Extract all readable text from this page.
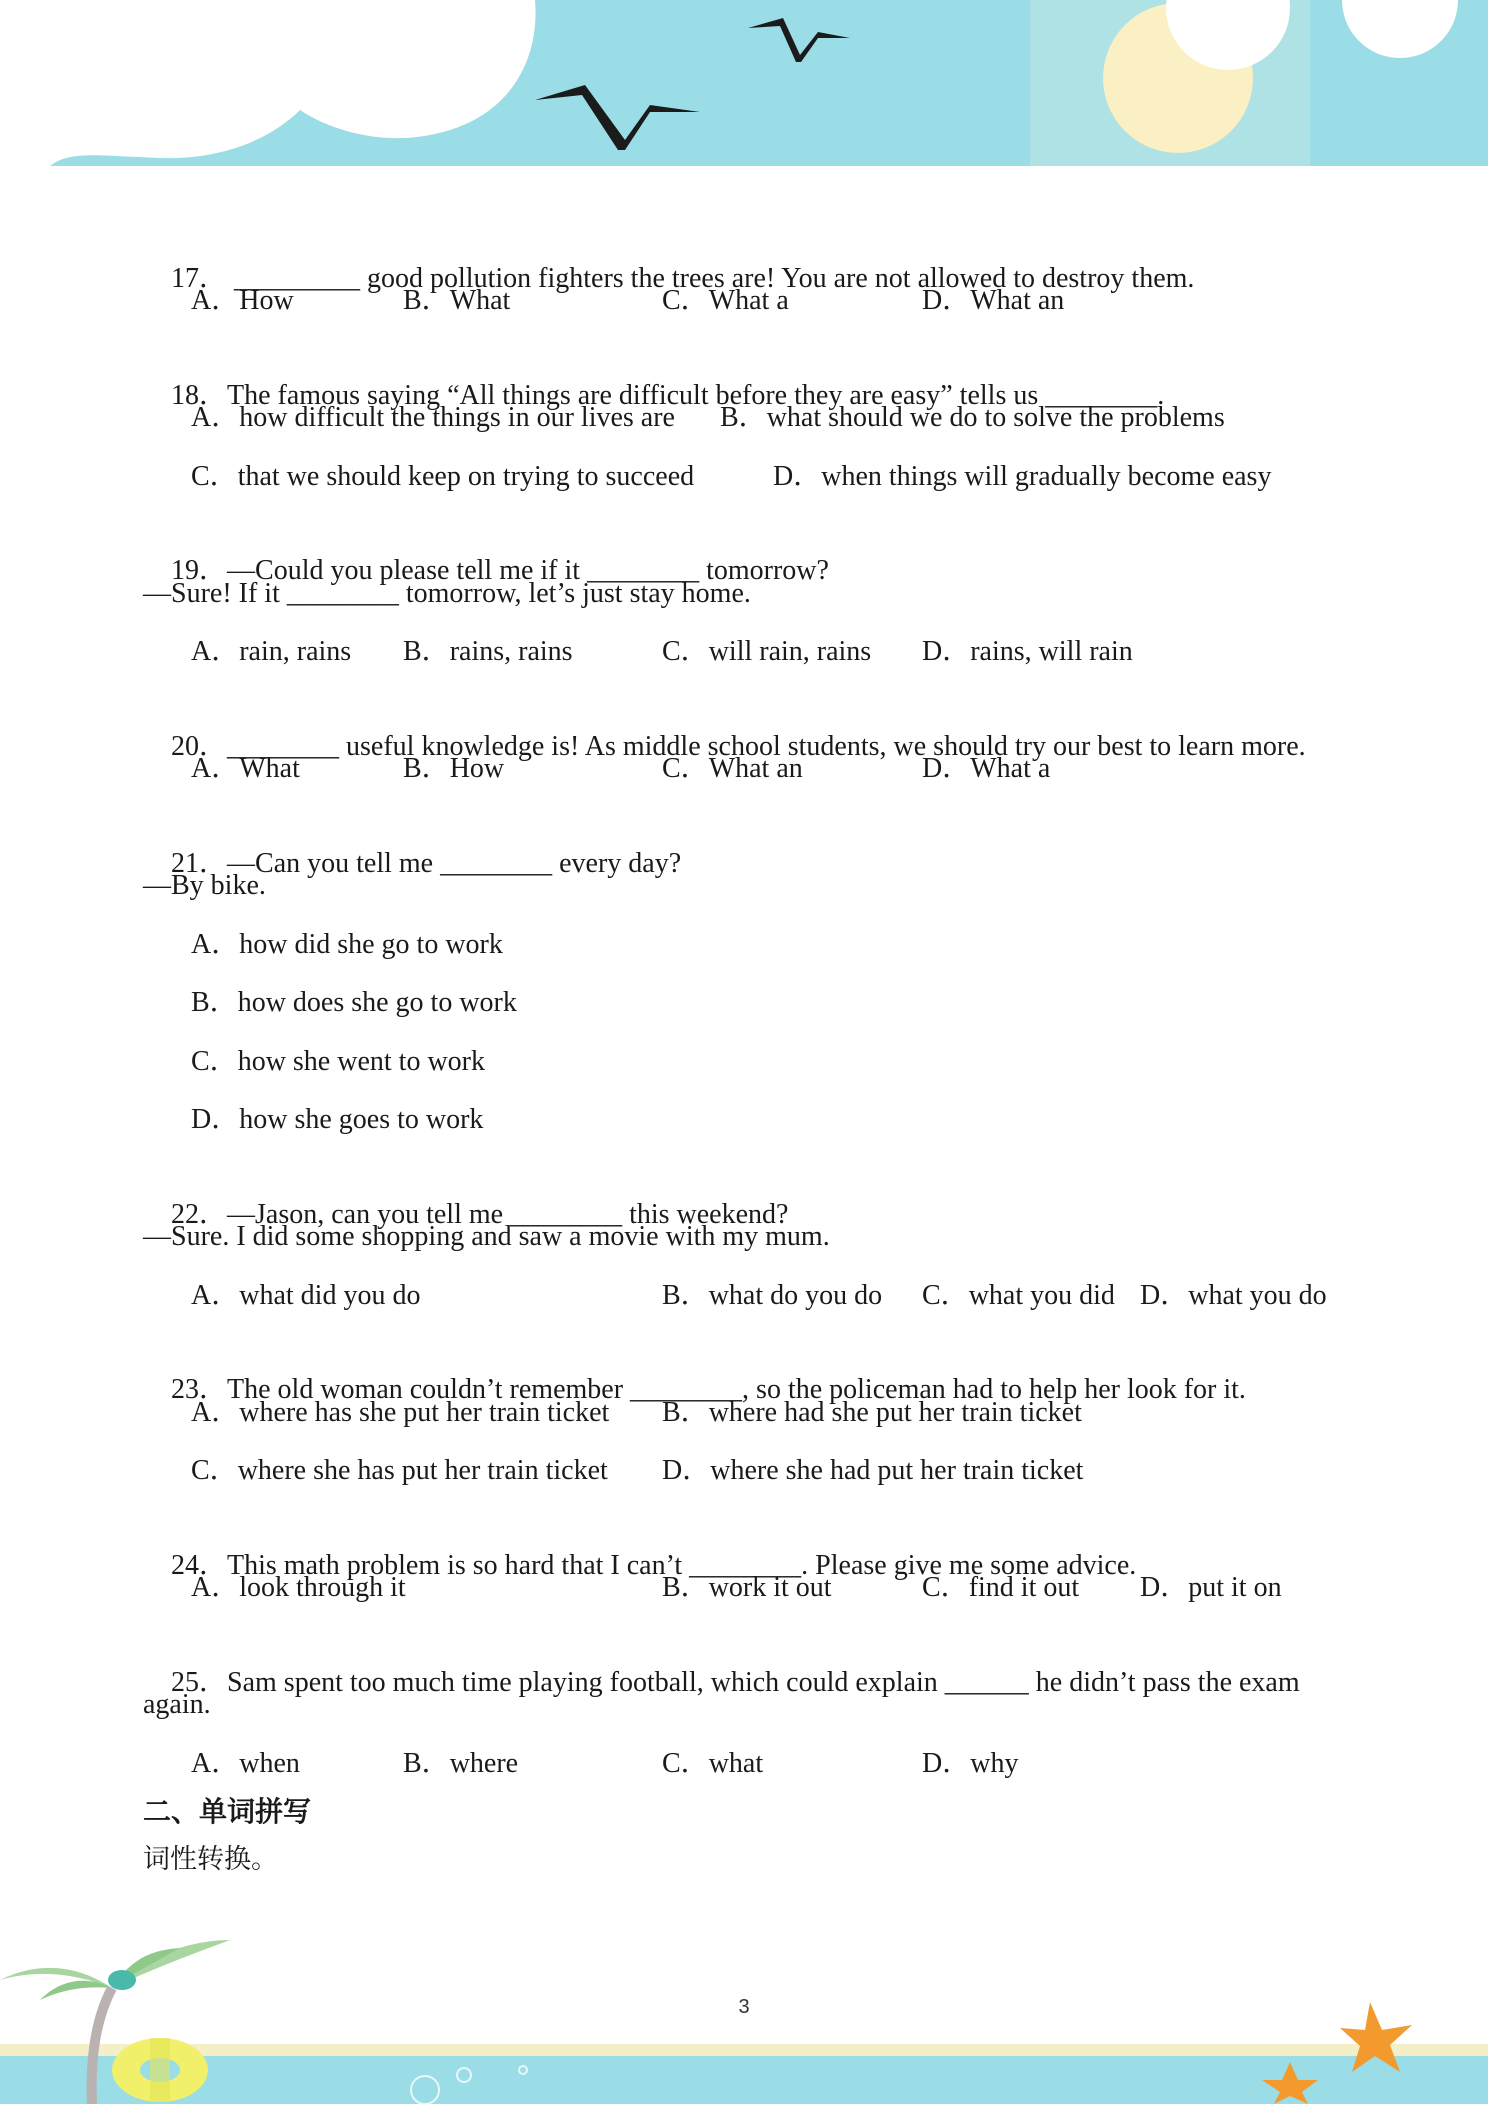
17． _________ good pollution fighters the trees are! You are not allowed to destroy them.

A．How	B．What	C．What a	D．What an

18．The famous saying “All things are difficult before they are easy” tells us ________.

A．how difficult the things in our lives are B．what should we do to solve the problems
C．that we should keep on trying to succeed	D．when things will gradually become easy

19．—Could you please tell me if it ________ tomorrow?

—Sure! If it ________ tomorrow, let’s just stay home.
A．rain, rains B．rains, rains	C．will rain, rains D．rains, will rain

20．________ useful knowledge is! As middle school students, we should try our best to learn more.

A．What	B．How	C．What an	D．What a

21．—Can you tell me ________ every day?

—By bike.
A．how did she go to work
B．how does she go to work
C．how she went to work
D．how she goes to work

22．—Jason, can you tell me ________ this weekend?

—Sure. I did some shopping and saw a movie with my mum.
A．what did you do	B．what do you do C．what you did D．what you do

23．The old woman couldn’t remember ________, so the policeman had to help her look for it.

A．where has she put her train ticket B．where had she put her train ticket
C．where she has put her train ticket D．where she had put her train ticket

24．This math problem is so hard that I can’t ________. Please give me some advice.

A．look through it	B．work it out	C．find it out D．put it on

25．Sam spent too much time playing football, which could explain ______ he didn’t pass the exam

again.
A．when	B．where	C．what	D．why
二、单词拼写
词性转换。
3
